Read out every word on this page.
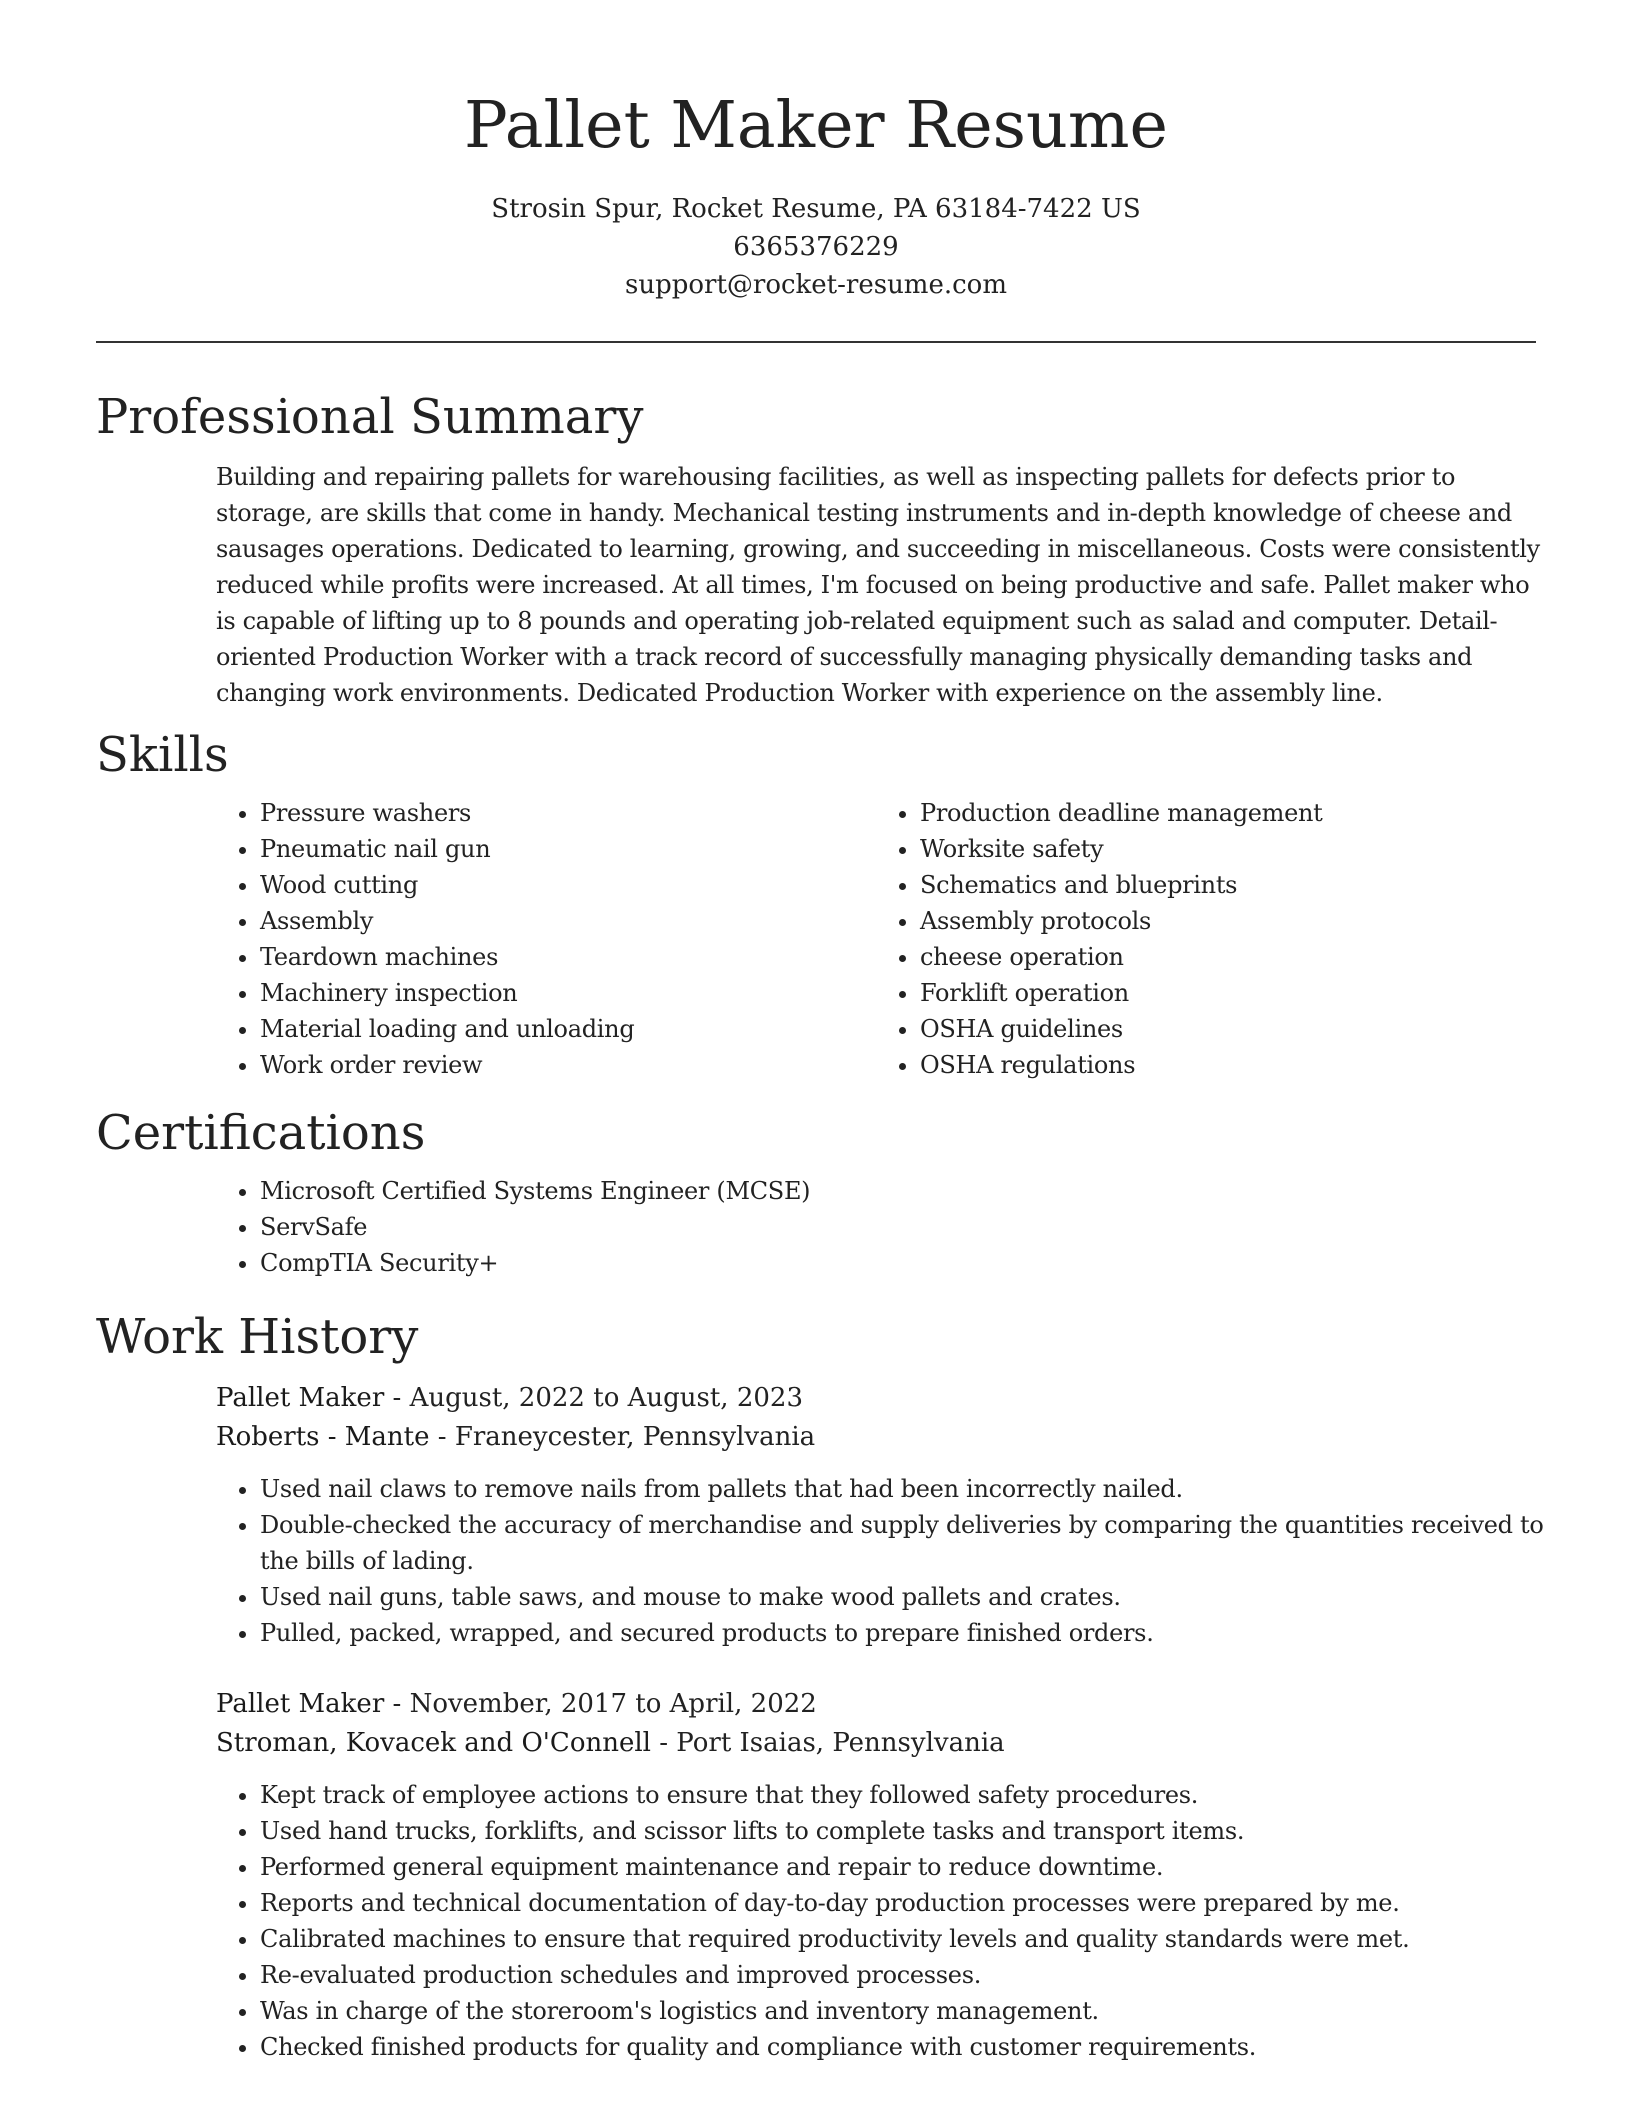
Pallet Maker Resume
Strosin Spur, Rocket Resume, PA 63184-7422 US
6365376229
support@rocket-resume.com
Professional Summary

Building and repairing pallets for warehousing facilities, as well as inspecting pallets for defects prior to storage, are skills that come in handy. Mechanical testing instruments and in-depth knowledge of cheese and sausages operations. Dedicated to learning, growing, and succeeding in miscellaneous. Costs were consistently reduced while profits were increased. At all times, I'm focused on being productive and safe. Pallet maker who is capable of lifting up to 8 pounds and operating job-related equipment such as salad and computer. Detail-oriented Production Worker with a track record of successfully managing physically demanding tasks and changing work environments. Dedicated Production Worker with experience on the assembly line.

Skills
• Pressure washers
• Pneumatic nail gun
• Wood cutting
• Assembly
• Teardown machines
• Machinery inspection
• Material loading and unloading
• Work order review
• Production deadline management
• Worksite safety
• Schematics and blueprints
• Assembly protocols
• cheese operation
• Forklift operation
• OSHA guidelines
• OSHA regulations
Certifications
• Microsoft Certified Systems Engineer (MCSE)
• ServSafe
• CompTIA Security+
Work History
Pallet Maker - August, 2022 to August, 2023
Roberts - Mante - Franeycester, Pennsylvania
• Used nail claws to remove nails from pallets that had been incorrectly nailed.
• Double-checked the accuracy of merchandise and supply deliveries by comparing the quantities received to the bills of lading.
• Used nail guns, table saws, and mouse to make wood pallets and crates.
• Pulled, packed, wrapped, and secured products to prepare finished orders.
Pallet Maker - November, 2017 to April, 2022
Stroman, Kovacek and O'Connell - Port Isaias, Pennsylvania
• Kept track of employee actions to ensure that they followed safety procedures.
• Used hand trucks, forklifts, and scissor lifts to complete tasks and transport items.
• Performed general equipment maintenance and repair to reduce downtime.
• Reports and technical documentation of day-to-day production processes were prepared by me.
• Calibrated machines to ensure that required productivity levels and quality standards were met.
• Re-evaluated production schedules and improved processes.
• Was in charge of the storeroom's logistics and inventory management.
• Checked finished products for quality and compliance with customer requirements.
